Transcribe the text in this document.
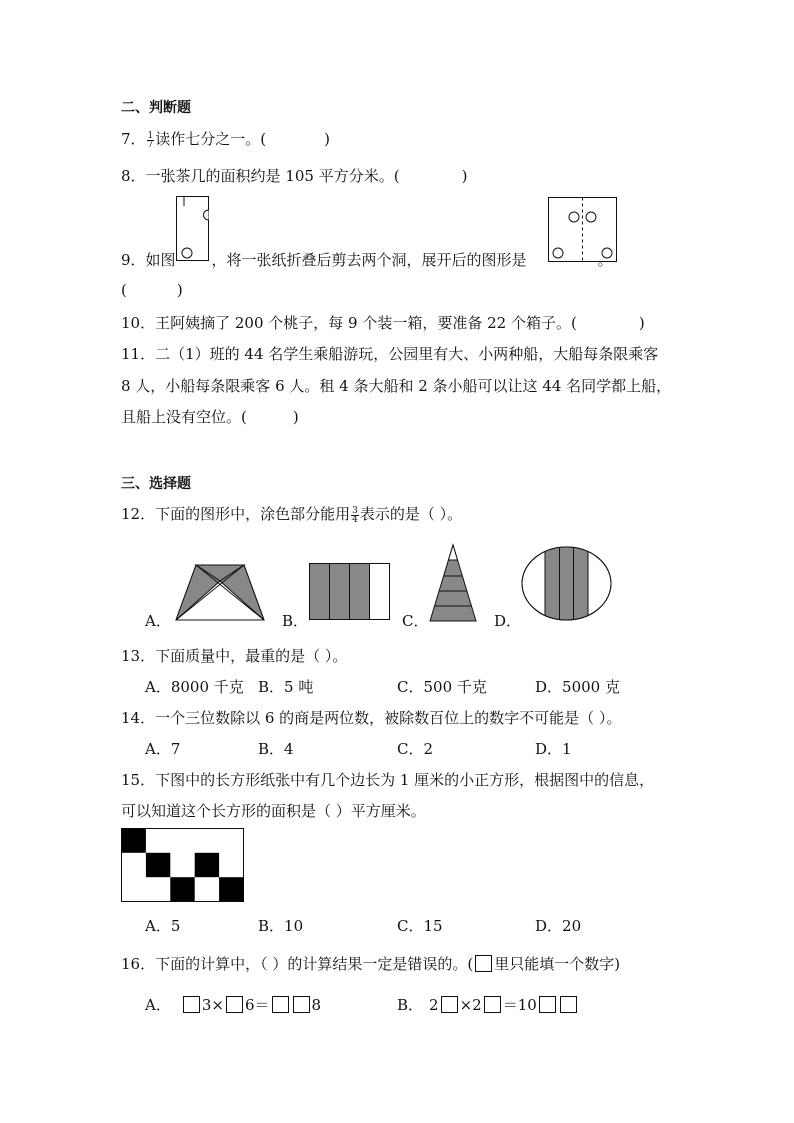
二、判断题
7． $\frac{1}{7}$ 读作七分之一。(	)
8．一张茶几的面积约是 105 平方分米。(	)
9．如图 ，将一张纸折叠后剪去两个洞，展开后的图形是	。
(	)
10．王阿姨摘了 200 个桃子，每 9 个装一箱，要准备 22 个箱子。(	)
11．二（1）班的 44 名学生乘船游玩，公园里有大、小两种船，大船每条限乘客
8 人，小船每条限乘客 6 人。租 4 条大船和 2 条小船可以让这 44 名同学都上船，
且船上没有空位。(	)
三、选择题
12．下面的图形中，涂色部分能用 $\frac{3}{4}$ 表示的是（ ）。
A．	B．	C．	D．
13．下面质量中，最重的是（ ）。
A．8000 千克 B．5 吨	C．500 千克	D．5000 克
14．一个三位数除以 6 的商是两位数，被除数百位上的数字不可能是（ ）。
A．7	B．4	C．2	D．1
15．下图中的长方形纸张中有几个边长为 1 厘米的小正方形，根据图中的信息，
可以知道这个长方形的面积是（ ）平方厘米。
A．5	B．10	C．15	D．20
16．下面的计算中，（ ）的计算结果一定是错误的。( 里只能填一个数字)
A． 3× 6＝	8	B． 2 ×2 ＝10
